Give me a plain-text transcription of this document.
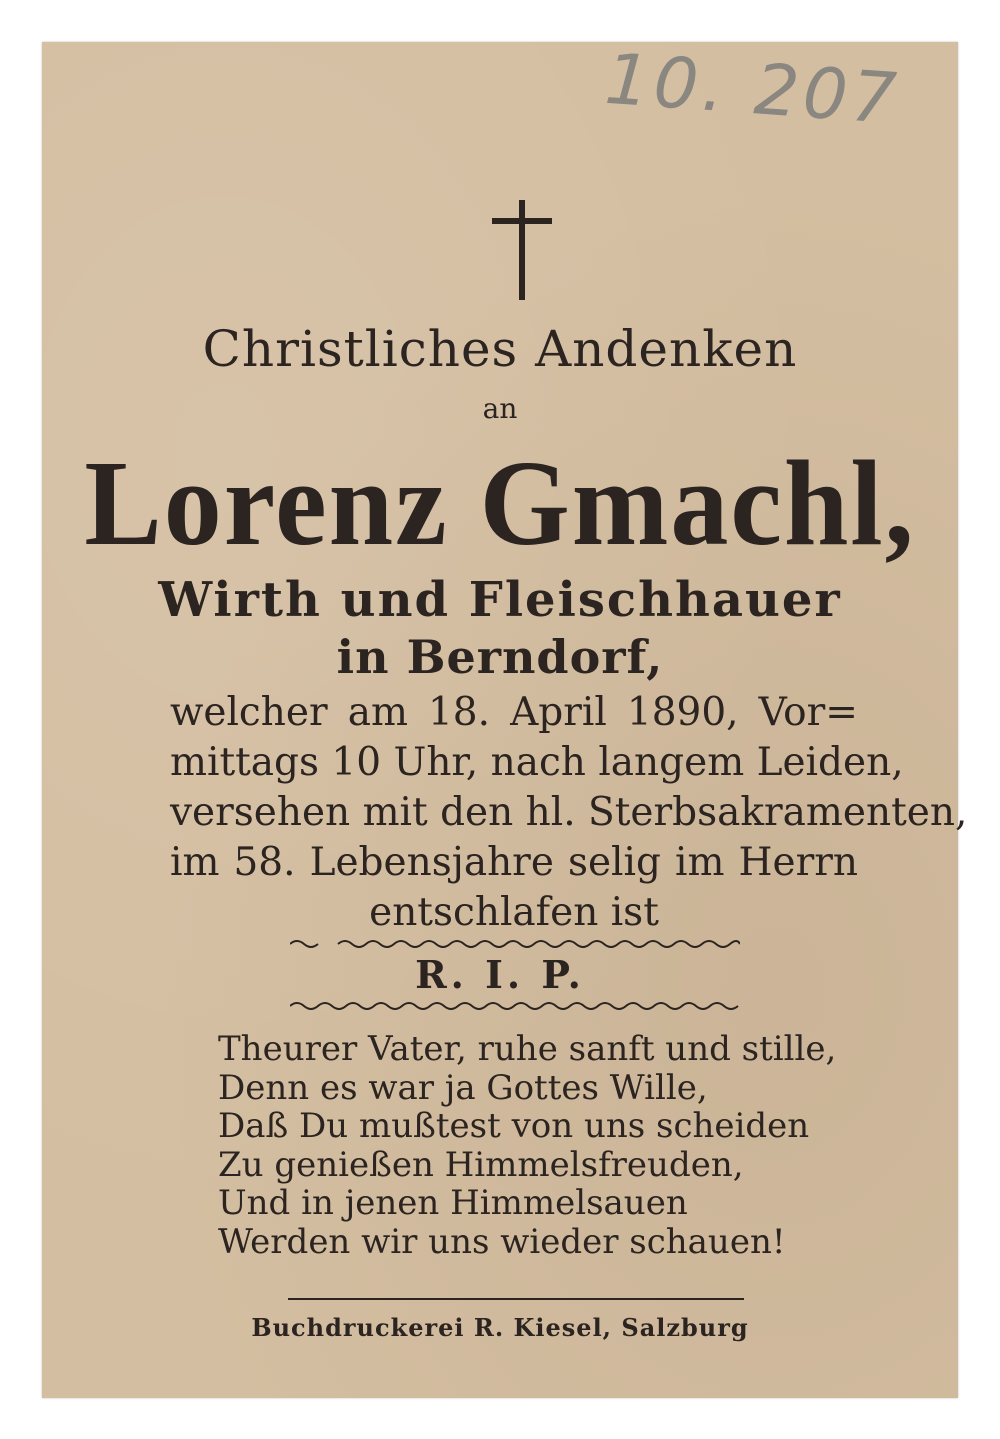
10. 207
Christliches Andenken
an
Lorenz Gmachl,
Wirth und Fleischhauer
in Berndorf,
welcher am 18. April 1890, Vor=
mittags 10 Uhr, nach langem Leiden,
versehen mit den hl. Sterbsakramenten,
im 58. Lebensjahre selig im Herrn
entschlafen ist
R. I. P.
Theurer Vater, ruhe sanft und stille,
Denn es war ja Gottes Wille,
Daß Du mußtest von uns scheiden
Zu genießen Himmelsfreuden,
Und in jenen Himmelsauen
Werden wir uns wieder schauen!
Buchdruckerei R. Kiesel, Salzburg
